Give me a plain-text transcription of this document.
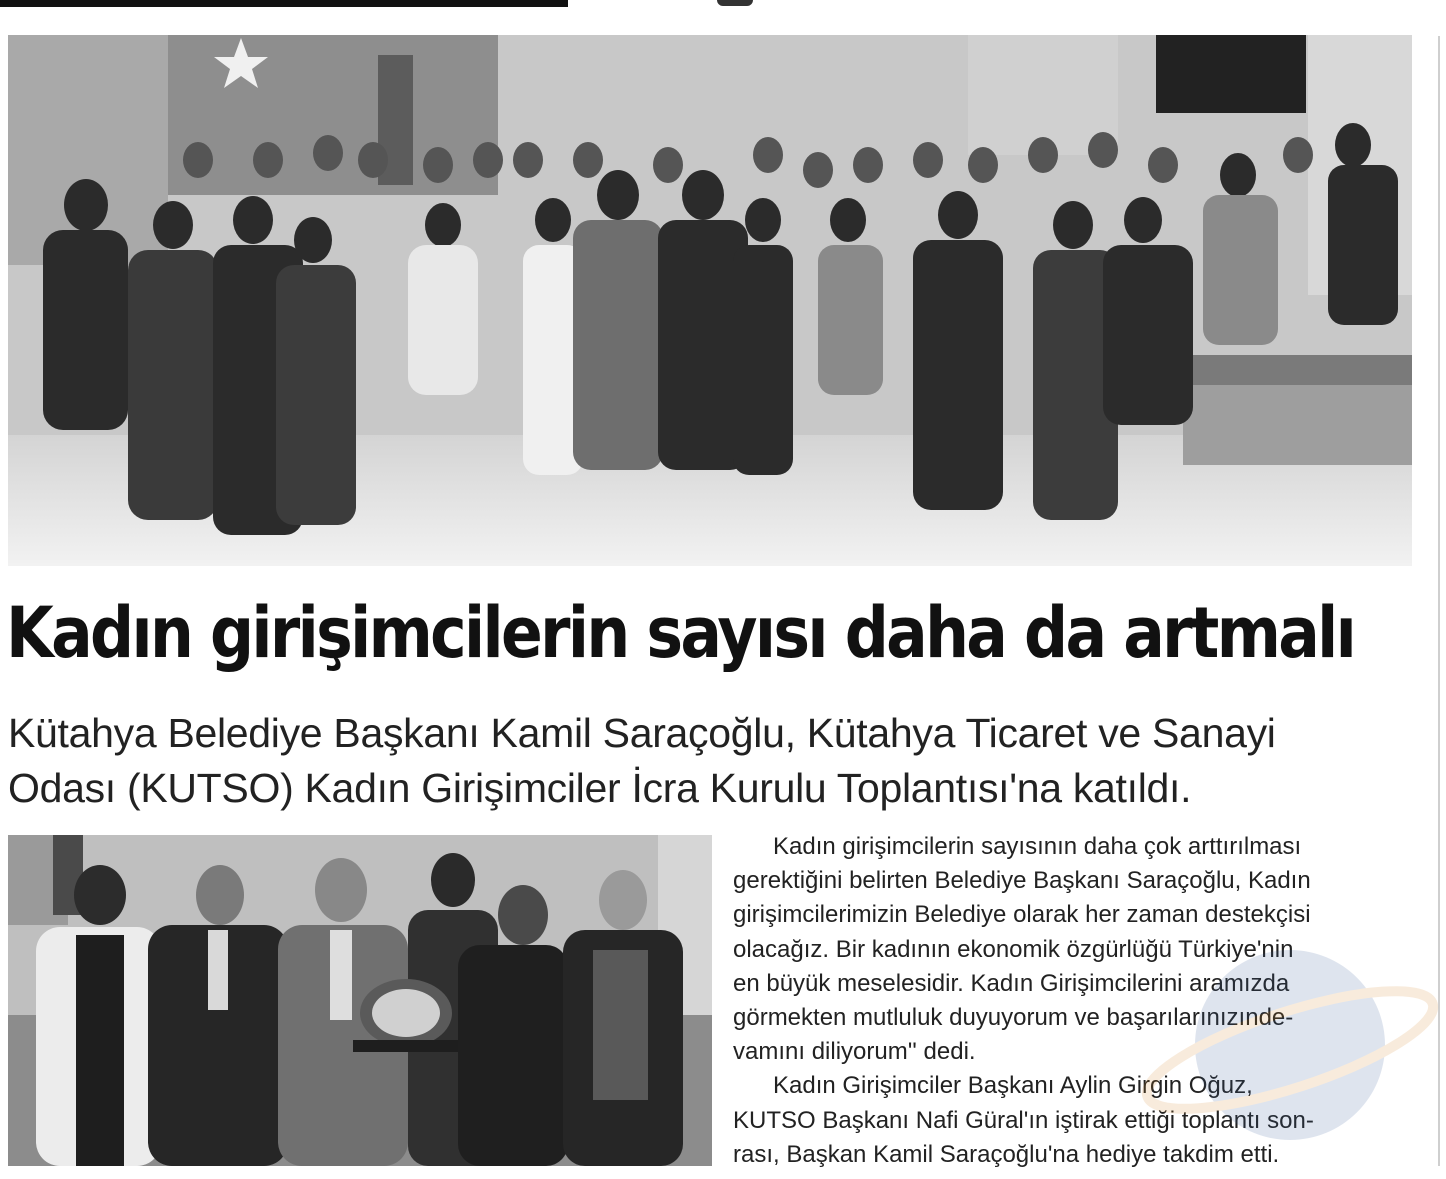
Kadın girişimcilerin sayısı daha da artmalı
Kütahya Belediye Başkanı Kamil Saraçoğlu, Kütahya Ticaret ve Sanayi
Odası (KUTSO) Kadın Girişimciler İcra Kurulu Toplantısı'na katıldı.
Kadın girişimcilerin sayısının daha çok arttırılması
gerektiğini belirten Belediye Başkanı Saraçoğlu, Kadın
girişimcilerimizin Belediye olarak her zaman destekçisi
olacağız. Bir kadının ekonomik özgürlüğü Türkiye'nin
en büyük meselesidir. Kadın Girişimcilerini aramızda
görmekten mutluluk duyuyorum ve başarılarınızınde-
vamını diliyorum'' dedi.
Kadın Girişimciler Başkanı Aylin Girgin Oğuz,
KUTSO Başkanı Nafi Güral'ın iştirak ettiği toplantı son-
rası, Başkan Kamil Saraçoğlu'na hediye takdim etti.
